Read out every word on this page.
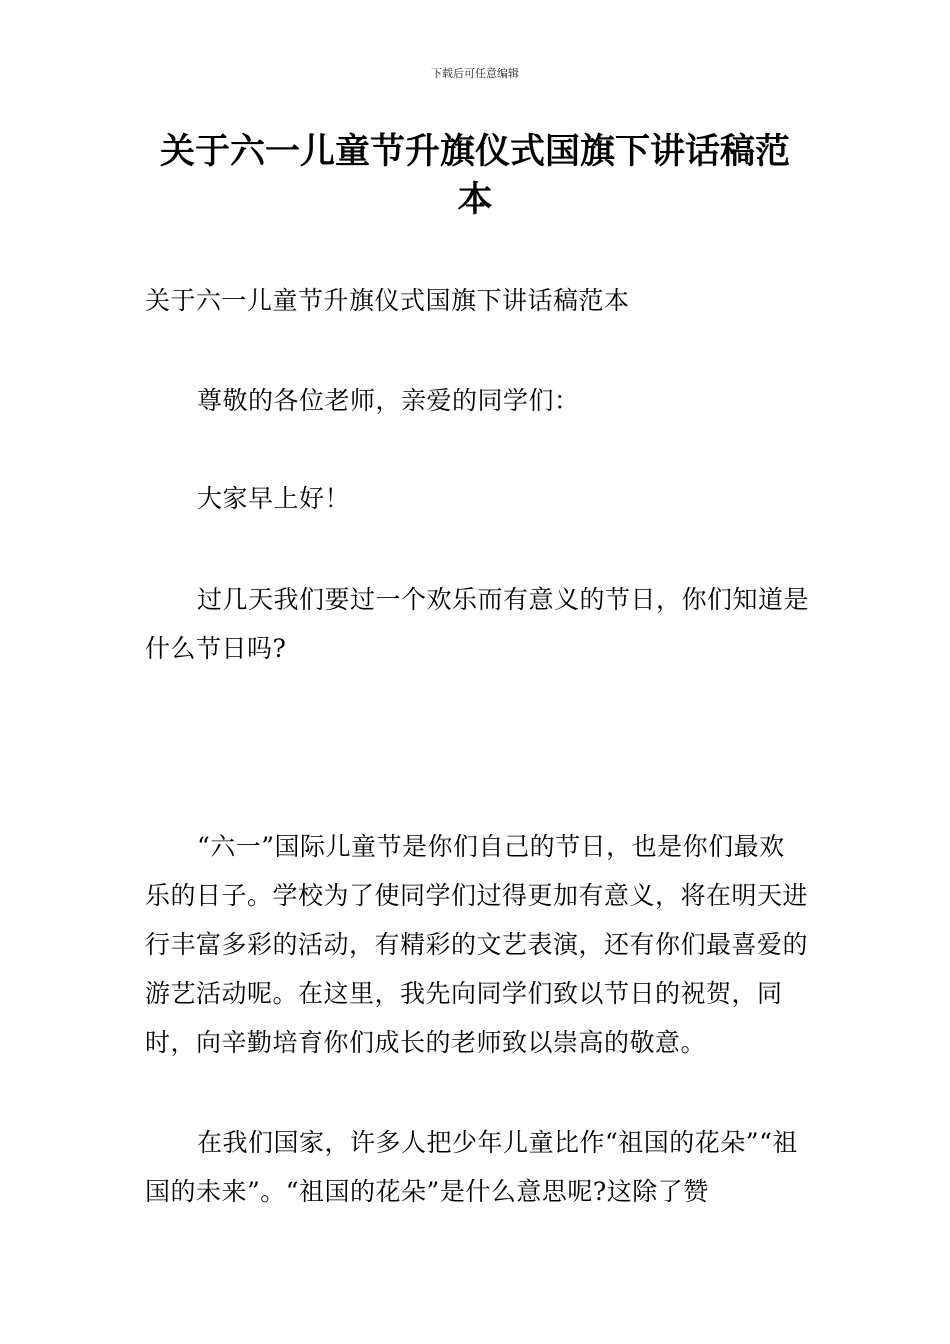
下载后可任意编辑
关于六一儿童节升旗仪式国旗下讲话稿范本

关于六一儿童节升旗仪式国旗下讲话稿范本

尊敬的各位老师，亲爱的同学们：

大家早上好！

过几天我们要过一个欢乐而有意义的节日，你们知道是什么节日吗?

“六一”国际儿童节是你们自己的节日，也是你们最欢乐的日子。学校为了使同学们过得更加有意义，将在明天进行丰富多彩的活动，有精彩的文艺表演，还有你们最喜爱的游艺活动呢。在这里，我先向同学们致以节日的祝贺，同时，向辛勤培育你们成长的老师致以崇高的敬意。

在我们国家，许多人把少年儿童比作“祖国的花朵”“祖国的未来”。“祖国的花朵”是什么意思呢?这除了赞
